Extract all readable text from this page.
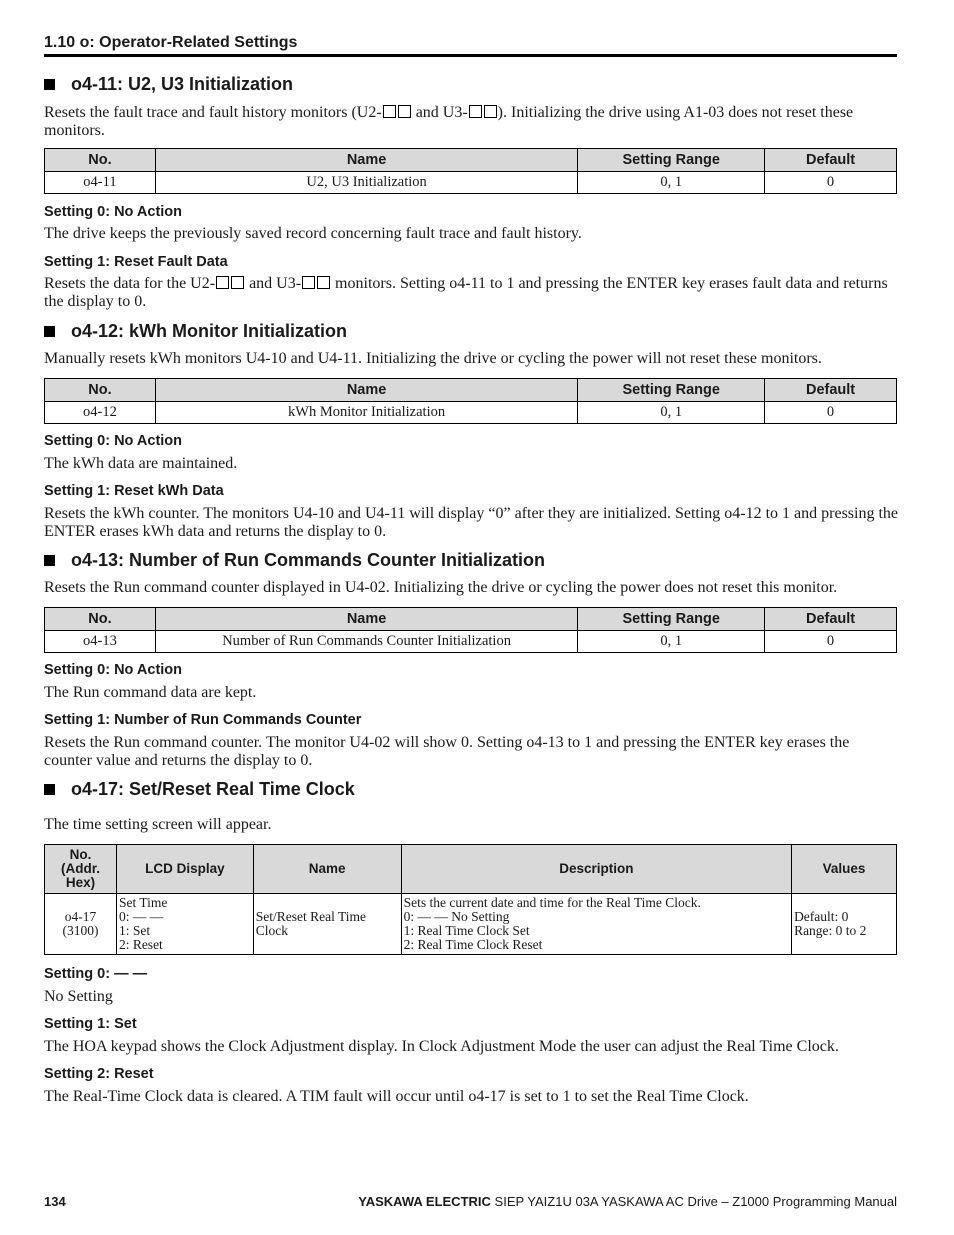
1.10 o: Operator-Related Settings
o4-11: U2, U3 Initialization
Resets the fault trace and fault history monitors (U2- and U3- ). Initializing the drive using A1-03 does not reset these monitors.
No.	Name	Setting Range	Default
o4-11	U2, U3 Initialization	0, 1	0
Setting 0: No Action
The drive keeps the previously saved record concerning fault trace and fault history.
Setting 1: Reset Fault Data
Resets the data for the U2- and U3- monitors. Setting o4-11 to 1 and pressing the ENTER key erases fault data and returns the display to 0.
o4-12: kWh Monitor Initialization
Manually resets kWh monitors U4-10 and U4-11. Initializing the drive or cycling the power will not reset these monitors.
No.	Name	Setting Range	Default
o4-12	kWh Monitor Initialization	0, 1	0
Setting 0: No Action
The kWh data are maintained.
Setting 1: Reset kWh Data
Resets the kWh counter. The monitors U4-10 and U4-11 will display “0” after they are initialized. Setting o4-12 to 1 and pressing the ENTER erases kWh data and returns the display to 0.
o4-13: Number of Run Commands Counter Initialization
Resets the Run command counter displayed in U4-02. Initializing the drive or cycling the power does not reset this monitor.
No.	Name	Setting Range	Default
o4-13	Number of Run Commands Counter Initialization	0, 1	0
Setting 0: No Action
The Run command data are kept.
Setting 1: Number of Run Commands Counter
Resets the Run command counter. The monitor U4-02 will show 0. Setting o4-13 to 1 and pressing the ENTER key erases the counter value and returns the display to 0.
o4-17: Set/Reset Real Time Clock
The time setting screen will appear.
No.
(Addr.
Hex)	LCD Display	Name	Description	Values
o4-17
(3100)	Set Time
0: — —
1: Set
2: Reset	Set/Reset Real Time Clock	Sets the current date and time for the Real Time Clock.
0: — — No Setting
1: Real Time Clock Set
2: Real Time Clock Reset	Default: 0
Range: 0 to 2
Setting 0: — —
No Setting
Setting 1: Set
The HOA keypad shows the Clock Adjustment display. In Clock Adjustment Mode the user can adjust the Real Time Clock.
Setting 2: Reset
The Real-Time Clock data is cleared. A TIM fault will occur until o4-17 is set to 1 to set the Real Time Clock.
134	YASKAWA ELECTRIC SIEP YAIZ1U 03A YASKAWA AC Drive – Z1000 Programming Manual
